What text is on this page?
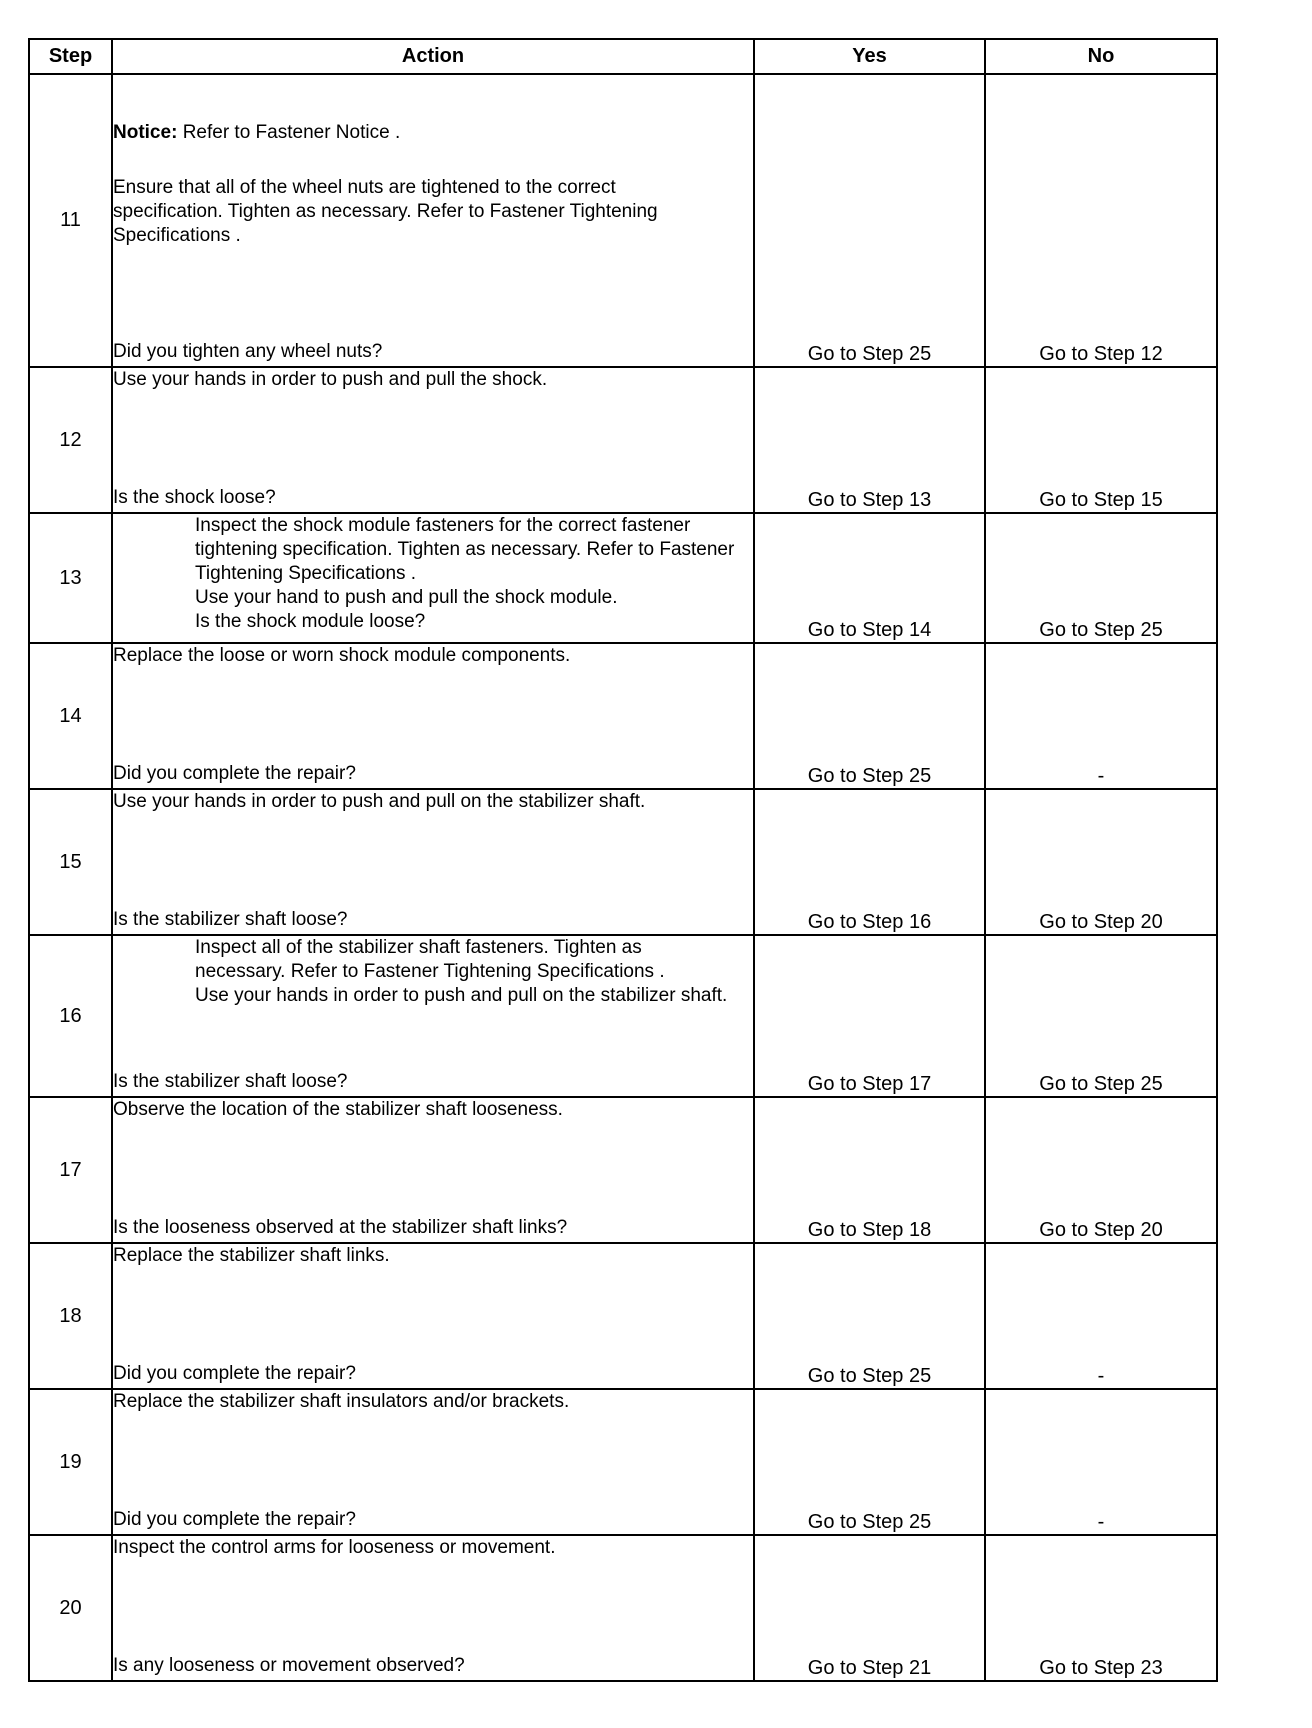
Step	Action	Yes	No
11	Notice: Refer to Fastener Notice .

Ensure that all of the wheel nuts are tightened to the correct specification. Tighten as necessary. Refer to Fastener Tightening Specifications .

Did you tighten any wheel nuts?	Go to Step 25	Go to Step 12
12	Use your hands in order to push and pull the shock.

Is the shock loose?	Go to Step 13	Go to Step 15
13	Inspect the shock module fasteners for the correct fastener tightening specification. Tighten as necessary. Refer to Fastener Tightening Specifications .

Use your hand to push and pull the shock module.

Is the shock module loose?	Go to Step 14	Go to Step 25
14	Replace the loose or worn shock module components.

Did you complete the repair?	Go to Step 25	-
15	Use your hands in order to push and pull on the stabilizer shaft.

Is the stabilizer shaft loose?	Go to Step 16	Go to Step 20
16	Inspect all of the stabilizer shaft fasteners. Tighten as necessary. Refer to Fastener Tightening Specifications .

Use your hands in order to push and pull on the stabilizer shaft.

Is the stabilizer shaft loose?	Go to Step 17	Go to Step 25
17	Observe the location of the stabilizer shaft looseness.

Is the looseness observed at the stabilizer shaft links?	Go to Step 18	Go to Step 20
18	Replace the stabilizer shaft links.

Did you complete the repair?	Go to Step 25	-
19	Replace the stabilizer shaft insulators and/or brackets.

Did you complete the repair?	Go to Step 25	-
20	Inspect the control arms for looseness or movement.

Is any looseness or movement observed?	Go to Step 21	Go to Step 23
